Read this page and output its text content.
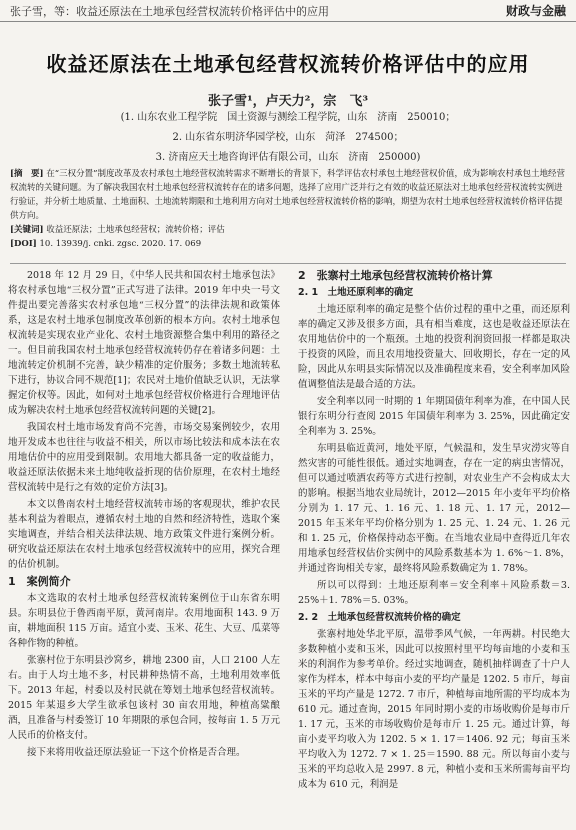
张子雪，等：收益还原法在土地承包经营权流转价格评估中的应用	财政与金融
收益还原法在土地承包经营权流转价格评估中的应用
张子雪¹，卢天力²，宗　飞³
(1. 山东农业工程学院　国土资源与测绘工程学院，山东　济南　250010；
2. 山东省东明济华园学校，山东　菏泽　274500；
3. 济南应天土地咨询评估有限公司，山东　济南　250000)

[摘　要] 在“三权分置”制度改革及农村承包土地经营权流转需求不断增长的背景下，科学评估农村承包土地经营权价值，成为影响农村承包土地经营权流转的关键问题。为了解决我国农村土地承包经营权流转存在的诸多问题，选择了应用广泛并行之有效的收益还原法对土地承包经营权流转实例进行验证，并分析土地质量、土地面积、土地流转期限和土地利用方向对土地承包经营权流转价格的影响，期望为农村土地承包经营权流转价格评估提供方向。

[关键词] 收益还原法；土地承包经营权；流转价格；评估

[DOI] 10. 13939/j. cnki. zgsc. 2020. 17. 069

2018 年 12 月 29 日，《中华人民共和国农村土地承包法》将农村承包地“三权分置”正式写进了法律。2019 年中央一号文件提出要完善落实农村承包地“三权分置”的法律法规和政策体系，这是农村土地承包制度改革创新的根本方向。农村土地承包权流转是实现农业产业化、农村土地资源整合集中利用的路径之一。但目前我国农村土地承包经营权流转仍存在着诸多问题：土地流转定价机制不完善，缺少精准的定价服务；多数土地流转私下进行，协议合同不规范[1]；农民对土地价值缺乏认识，无法掌握定价权等。因此，如何对土地承包经营权价格进行合理地评估成为解决农村土地承包经营权流转问题的关键[2]。

我国农村土地市场发育尚不完善，市场交易案例较少，农用地开发成本也往往与收益不相关，所以市场比较法和成本法在农用地估价中的应用受到限制。农用地大都具备一定的收益能力，收益还原法依据未来土地纯收益折现的估价原理，在农村土地经营权流转中是行之有效的定价方法[3]。

本文以鲁南农村土地经营权流转市场的客观现状，维护农民基本利益为着眼点，遵循农村土地的自然和经济特性，选取个案实地调查，并结合相关法律法规、地方政策文件进行案例分析。研究收益还原法在农村土地承包经营权流转中的应用，探究合理的估价机制。

1　案例简介

本文选取的农村土地承包经营权流转案例位于山东省东明县。东明县位于鲁西南平原，黄河南岸。农用地面积 143. 9 万亩，耕地面积 115 万亩。适宜小麦、玉米、花生、大豆、瓜菜等各种作物的种植。

张寨村位于东明县沙窝乡，耕地 2300 亩，人口 2100 人左右。由于人均土地不多，村民耕种热情不高，土地利用效率低下。2013 年起，村委以及村民就在筹划土地承包经营权流转。2015 年某退乡大学生欲承包该村 30 亩农用地，种植高粱酿酒，且准备与村委签订 10 年期限的承包合同，按每亩 1. 5 万元人民币的价格支付。

接下来将用收益还原法验证一下这个价格是否合理。

2　张寨村土地承包经营权流转价格计算

2. 1　土地还原利率的确定

土地还原利率的确定是整个估价过程的重中之重，而还原利率的确定又涉及很多方面，具有相当难度，这也是收益还原法在农用地估价中的一个瓶颈。土地的投资利润资回报一样都是取决于投资的风险，而且农用地投资量大、回收期长，存在一定的风险，因此从东明县实际情况以及准确程度来看，安全利率加风险值调整值法是最合适的方法。

安全利率以同一时期的 1 年期国债年利率为准，在中国人民银行东明分行查阅 2015 年国债年利率为 3. 25%，因此确定安全利率为 3. 25%。

东明县临近黄河，地处平原，气候温和，发生旱灾涝灾等自然灾害的可能性很低。通过实地调查，存在一定的病虫害情况，但可以通过喷洒农药等方式进行控制，对农业生产不会构成太大的影响。根据当地农业局统计，2012—2015 年小麦年平均价格分别为 1. 17 元、1. 16 元、1. 18 元、1. 17 元，2012—2015 年玉米年平均价格分别为 1. 25 元、1. 24 元、1. 26 元和 1. 25 元，价格保持动态平衡。在当地农业局中查得近几年农用地承包经营权估价实例中的风险系数基本为 1. 6%～1. 8%，并通过咨询相关专家，最终将风险系数确定为 1. 78%。

所以可以得到：土地还原利率＝安全利率＋风险系数＝3. 25%＋1. 78%＝5. 03%。

2. 2　土地承包经营权流转价格的确定

张寨村地处华北平原，温带季风气候，一年两耕。村民绝大多数种植小麦和玉米，因此可以按照村里平均每亩地的小麦和玉米的利润作为参考单价。经过实地调查，随机抽样调查了十户人家作为样本，样本中每亩小麦的平均产量是 1202. 5 市斤，每亩玉米的平均产量是 1272. 7 市斤，种植每亩地所需的平均成本为 610 元。通过查询，2015 年同时期小麦的市场收购价是每市斤 1. 17 元，玉米的市场收购价是每市斤 1. 25 元。通过计算，每亩小麦平均收入为 1202. 5 × 1. 17＝1406. 92 元；每亩玉米平均收入为 1272. 7 × 1. 25＝1590. 88 元。所以每亩小麦与玉米的平均总收入是 2997. 8 元，种植小麦和玉米所需每亩平均成本为 610 元，利润是
